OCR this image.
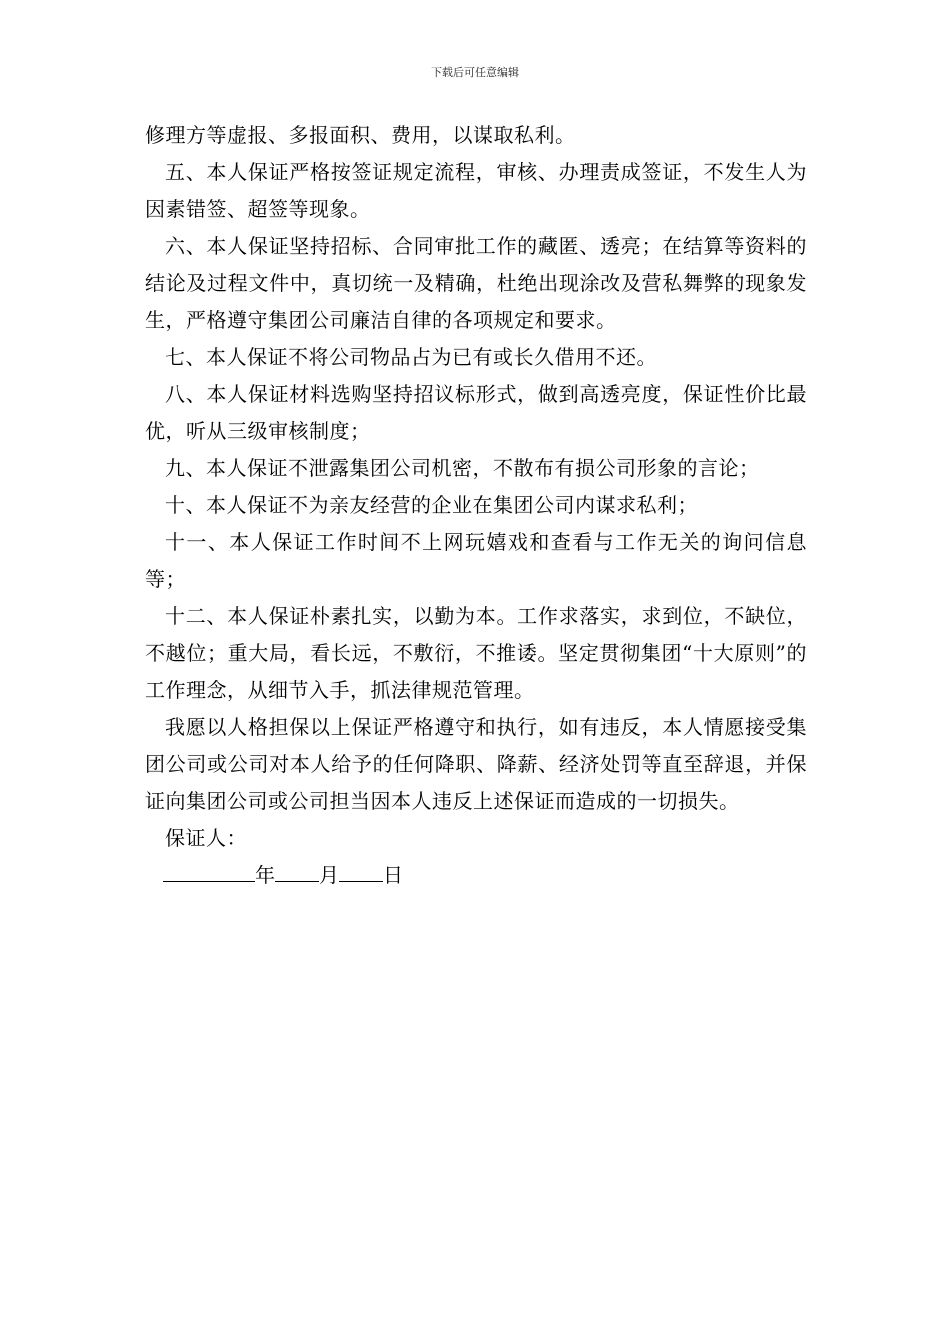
下载后可任意编辑

修理方等虚报、多报面积、费用，以谋取私利。

五、本人保证严格按签证规定流程，审核、办理责成签证，不发生人为因素错签、超签等现象。

六、本人保证坚持招标、合同审批工作的藏匿、透亮；在结算等资料的结论及过程文件中，真切统一及精确，杜绝出现涂改及营私舞弊的现象发生，严格遵守集团公司廉洁自律的各项规定和要求。

七、本人保证不将公司物品占为已有或长久借用不还。

八、本人保证材料选购坚持招议标形式，做到高透亮度，保证性价比最优，听从三级审核制度；

九、本人保证不泄露集团公司机密，不散布有损公司形象的言论；

十、本人保证不为亲友经营的企业在集团公司内谋求私利；

十一、本人保证工作时间不上网玩嬉戏和查看与工作无关的询问信息等；

十二、本人保证朴素扎实，以勤为本。工作求落实，求到位，不缺位，不越位；重大局，看长远，不敷衍，不推诿。坚定贯彻集团“十大原则”的工作理念，从细节入手，抓法律规范管理。

我愿以人格担保以上保证严格遵守和执行，如有违反，本人情愿接受集团公司或公司对本人给予的任何降职、降薪、经济处罚等直至辞退，并保证向集团公司或公司担当因本人违反上述保证而造成的一切损失。

保证人：

年 月 日
